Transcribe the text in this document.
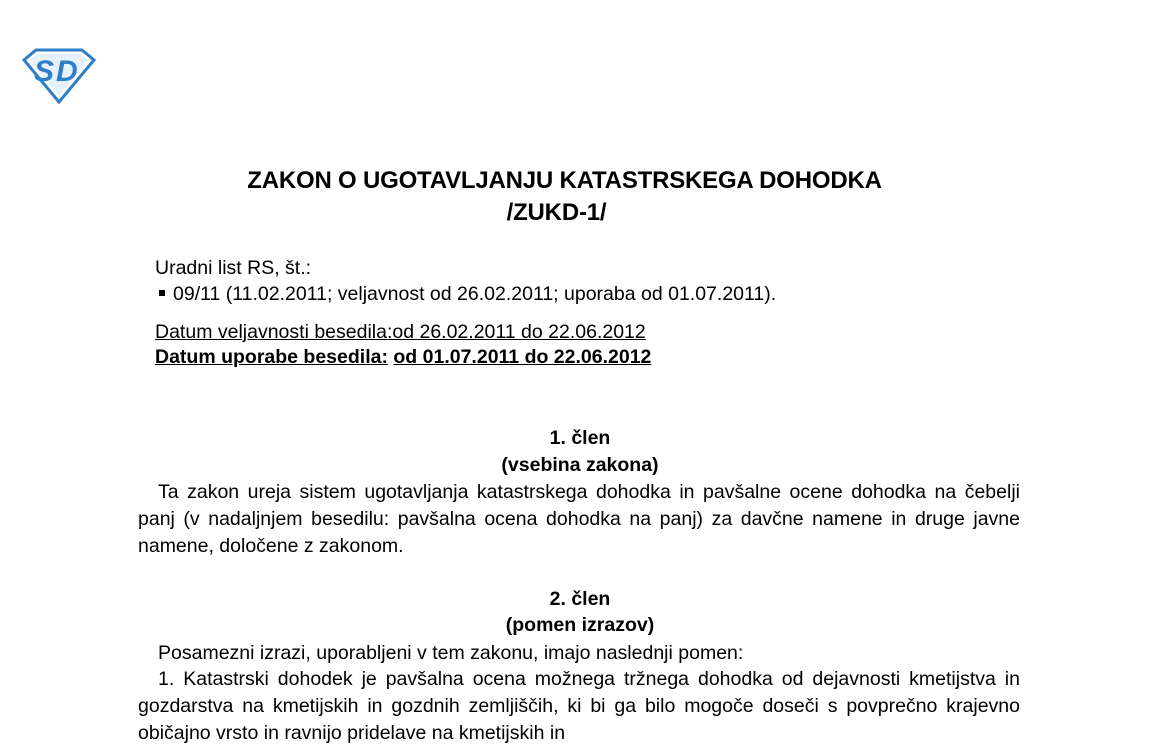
S D
ZAKON O UGOTAVLJANJU KATASTRSKEGA DOHODKA
/ZUKD-1/
Uradni list RS, št.:
09/11 (11.02.2011; veljavnost od 26.02.2011; uporaba od 01.07.2011).
Datum veljavnosti besedila:od 26.02.2011 do 22.06.2012
Datum uporabe besedila: od 01.07.2011 do 22.06.2012
1. člen
(vsebina zakona)

Ta zakon ureja sistem ugotavljanja katastrskega dohodka in pavšalne ocene dohodka na čebelji panj (v nadaljnjem besedilu: pavšalna ocena dohodka na panj) za davčne namene in druge javne namene, določene z zakonom.

2. člen
(pomen izrazov)
Posamezni izrazi, uporabljeni v tem zakonu, imajo naslednji pomen:

1. Katastrski dohodek je pavšalna ocena možnega tržnega dohodka od dejavnosti kmetijstva in gozdarstva na kmetijskih in gozdnih zemljiščih, ki bi ga bilo mogoče doseči s povprečno krajevno običajno vrsto in ravnijo pridelave na kmetijskih in
